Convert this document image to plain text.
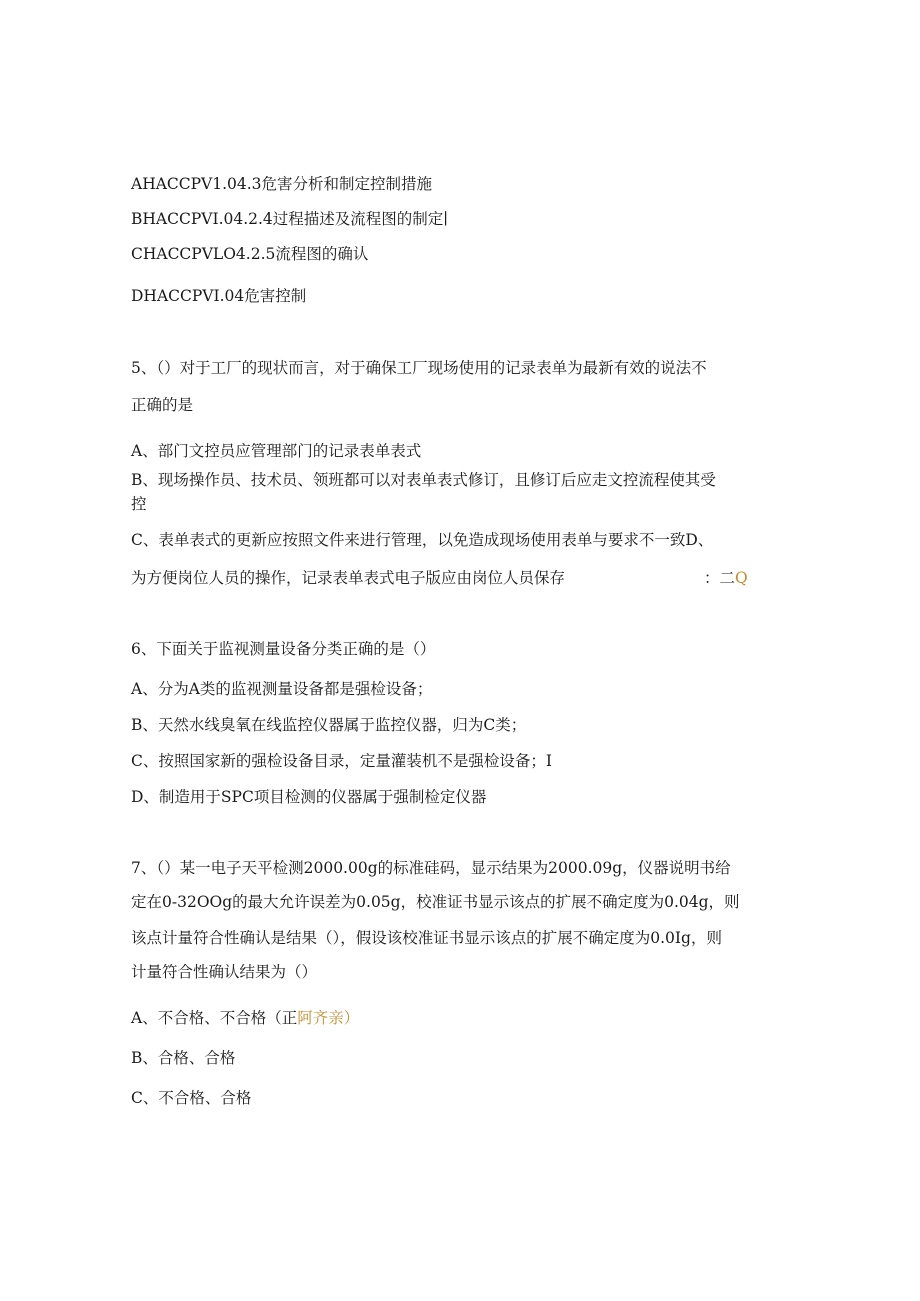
AHACCPV1.04.3危害分析和制定控制措施
BHACCPVI.04.2.4过程描述及流程图的制定∣
CHACCPVLO4.2.5流程图的确认
DHACCPVI.04危害控制
5、（）对于工厂的现状而言，对于确保工厂现场使用的记录表单为最新有效的说法不
正确的是
A、部门文控员应管理部门的记录表单表式
B、现场操作员、技术员、领班都可以对表单表式修订，且修订后应走文控流程使其受
控
C、表单表式的更新应按照文件来进行管理，以免造成现场使用表单与要求不一致D、
为方便岗位人员的操作，记录表单表式电子版应由岗位人员保存	：二Q
6、下面关于监视测量设备分类正确的是（）
A、分为A类的监视测量设备都是强检设备；
B、天然水线臭氧在线监控仪器属于监控仪器，归为C类；
C、按照国家新的强检设备目录，定量灌装机不是强检设备；I
D、制造用于SPC项目检测的仪器属于强制检定仪器
7、（）某一电子天平检测2000.00g的标准硅码，显示结果为2000.09g，仪器说明书给
定在0-32OOg的最大允许误差为0.05g，校准证书显示该点的扩展不确定度为0.04g，则
该点计量符合性确认是结果（），假设该校准证书显示该点的扩展不确定度为0.0Ig，则
计量符合性确认结果为（）
A、不合格、不合格（正阿齐亲）
B、合格、合格
C、不合格、合格
